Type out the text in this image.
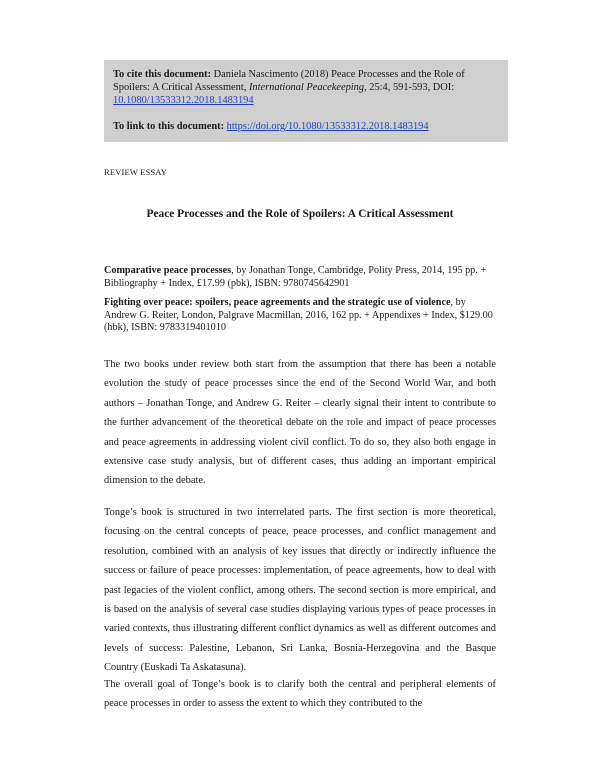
To cite this document: Daniela Nascimento (2018) Peace Processes and the Role of Spoilers: A Critical Assessment, International Peacekeeping, 25:4, 591-593, DOI: 10.1080/13533312.2018.1483194

To link to this document: https://doi.org/10.1080/13533312.2018.1483194

REVIEW ESSAY
Peace Processes and the Role of Spoilers: A Critical Assessment
Comparative peace processes, by Jonathan Tonge, Cambridge, Polity Press, 2014, 195 pp. + Bibliography + Index, £17.99 (pbk), ISBN: 9780745642901
Fighting over peace: spoilers, peace agreements and the strategic use of violence, by Andrew G. Reiter, London, Palgrave Macmillan, 2016, 162 pp. + Appendixes + Index, $129.00 (hbk), ISBN: 9783319401010

The two books under review both start from the assumption that there has been a notable evolution the study of peace processes since the end of the Second World War, and both authors – Jonathan Tonge, and Andrew G. Reiter – clearly signal their intent to contribute to the further advancement of the theoretical debate on the role and impact of peace processes and peace agreements in addressing violent civil conflict. To do so, they also both engage in extensive case study analysis, but of different cases, thus adding an important empirical dimension to the debate.

Tonge’s book is structured in two interrelated parts. The first section is more theoretical, focusing on the central concepts of peace, peace processes, and conflict management and resolution, combined with an analysis of key issues that directly or indirectly influence the success or failure of peace processes: implementation, of peace agreements, how to deal with past legacies of the violent conflict, among others. The second section is more empirical, and is based on the analysis of several case studies displaying various types of peace processes in varied contexts, thus illustrating different conflict dynamics as well as different outcomes and levels of success: Palestine, Lebanon, Sri Lanka, Bosnia-Herzegovina and the Basque Country (Euskadi Ta Askatasuna).

The overall goal of Tonge’s book is to clarify both the central and peripheral elements of peace processes in order to assess the extent to which they contributed to the
